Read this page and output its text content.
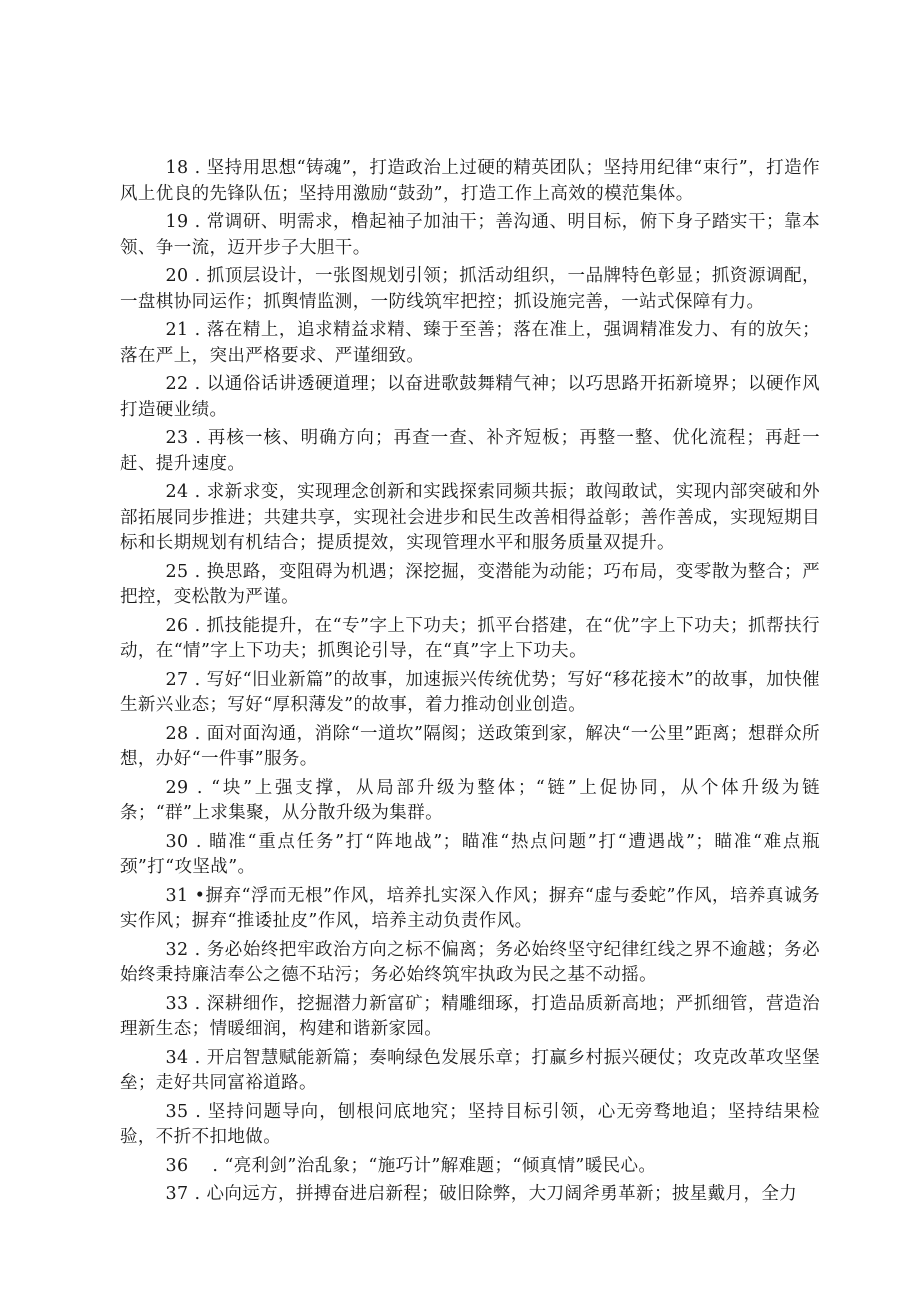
18 . 坚持用思想“铸魂”，打造政治上过硬的精英团队；坚持用纪律“束行”，打造作风上优良的先锋队伍；坚持用激励“鼓劲”，打造工作上高效的模范集体。

19 . 常调研、明需求，橹起袖子加油干；善沟通、明目标，俯下身子踏实干；靠本领、争一流，迈开步子大胆干。

20 . 抓顶层设计，一张图规划引领；抓活动组织，一品牌特色彰显；抓资源调配，一盘棋协同运作；抓舆情监测，一防线筑牢把控；抓设施完善，一站式保障有力。

21 . 落在精上，追求精益求精、臻于至善；落在准上，强调精准发力、有的放矢；落在严上，突出严格要求、严谨细致。

22 . 以通俗话讲透硬道理；以奋进歌鼓舞精气神；以巧思路开拓新境界；以硬作风打造硬业绩。

23 . 再核一核、明确方向；再查一查、补齐短板；再整一整、优化流程；再赶一赶、提升速度。

24 . 求新求变，实现理念创新和实践探索同频共振；敢闯敢试，实现内部突破和外部拓展同步推进；共建共享，实现社会进步和民生改善相得益彰；善作善成，实现短期目标和长期规划有机结合；提质提效，实现管理水平和服务质量双提升。

25 . 换思路，变阻碍为机遇；深挖掘，变潜能为动能；巧布局，变零散为整合；严把控，变松散为严谨。

26 . 抓技能提升，在“专”字上下功夫；抓平台搭建，在“优”字上下功夫；抓帮扶行动，在“情”字上下功夫；抓舆论引导，在“真”字上下功夫。

27 . 写好“旧业新篇”的故事，加速振兴传统优势；写好“移花接木”的故事，加快催生新兴业态；写好“厚积薄发”的故事，着力推动创业创造。

28 . 面对面沟通，消除“一道坎”隔阂；送政策到家，解决“一公里”距离；想群众所想，办好“一件事”服务。

29 . “块”上强支撑，从局部升级为整体；“链”上促协同，从个体升级为链条；“群”上求集聚，从分散升级为集群。

30 . 瞄准“重点任务”打“阵地战”；瞄准“热点问题”打“遭遇战”；瞄准“难点瓶颈”打“攻坚战”。

31 •摒弃“浮而无根”作风，培养扎实深入作风；摒弃“虚与委蛇”作风，培养真诚务实作风；摒弃“推诿扯皮”作风，培养主动负责作风。

32 . 务必始终把牢政治方向之标不偏离；务必始终坚守纪律红线之界不逾越；务必始终秉持廉洁奉公之德不玷污；务必始终筑牢执政为民之基不动摇。

33 . 深耕细作，挖掘潜力新富矿；精雕细琢，打造品质新高地；严抓细管，营造治理新生态；情暖细润，构建和谐新家园。

34 . 开启智慧赋能新篇；奏响绿色发展乐章；打赢乡村振兴硬仗；攻克改革攻坚堡垒；走好共同富裕道路。

35 . 坚持问题导向，刨根问底地究；坚持目标引领，心无旁骛地追；坚持结果检验，不折不扣地做。

36 　. “亮利剑”治乱象；“施巧计”解难题；“倾真情”暖民心。

37 . 心向远方，拼搏奋进启新程；破旧除弊，大刀阔斧勇革新；披星戴月，全力
